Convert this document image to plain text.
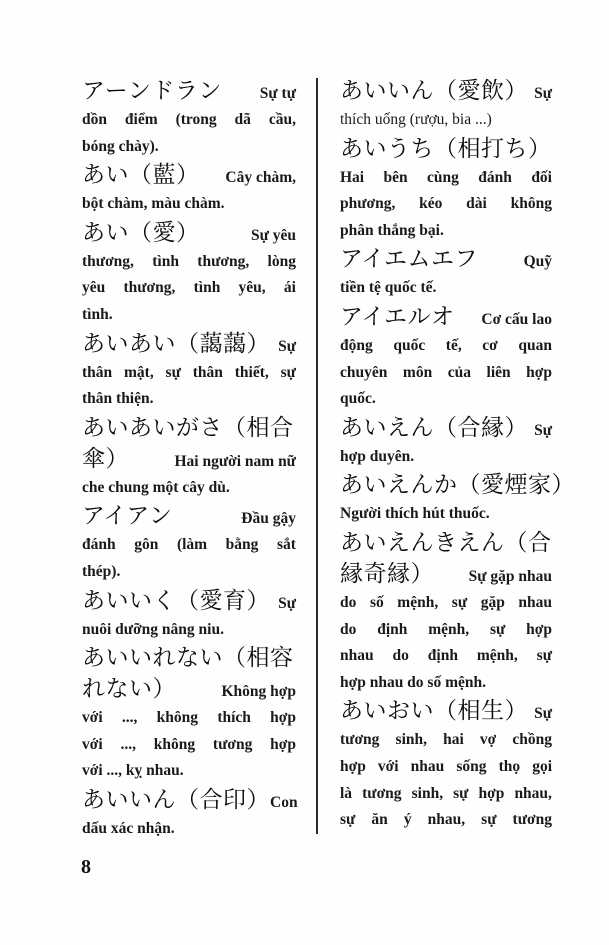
アーンドラン Sự tự
dồn điểm (trong dã cầu,
bóng chày).
あい（藍） Cây chàm,
bột chàm, màu chàm.
あい（愛）	Sự yêu
thương, tình thương, lòng
yêu thương, tình yêu, ái
tình.
あいあい（藹藹） Sự
thân mật, sự thân thiết, sự
thân thiện.
あいあいがさ（相合
傘）	Hai người nam nữ
che chung một cây dù.
アイアン	Đầu gậy
đánh gôn (làm bằng sắt
thép).
あいいく（愛育） Sự
nuôi dưỡng nâng niu.
あいいれない（相容
れない）	Không hợp
với ..., không thích hợp
với ..., không tương hợp
với ..., kỵ nhau.
あいいん（合印） Con
dấu xác nhận.
あいいん（愛飲） Sự
thích uống (rượu, bia ...)
あいうち（相打ち）
Hai bên cùng đánh đối
phương, kéo dài không
phân thắng bại.
アイエムエフ	Quỹ
tiền tệ quốc tế.
アイエルオ Cơ cấu lao
động quốc tế, cơ quan
chuyên môn của liên hợp
quốc.
あいえん（合縁） Sự
hợp duyên.
あいえんか（愛煙家）
Người thích hút thuốc.
あいえんきえん（合
縁奇縁） Sự gặp nhau
do số mệnh, sự gặp nhau
do định mệnh, sự hợp
nhau do định mệnh, sự
hợp nhau do số mệnh.
あいおい（相生） Sự
tương sinh, hai vợ chồng
hợp với nhau sống thọ gọi
là tương sinh, sự hợp nhau,
sự ăn ý nhau, sự tương
8
